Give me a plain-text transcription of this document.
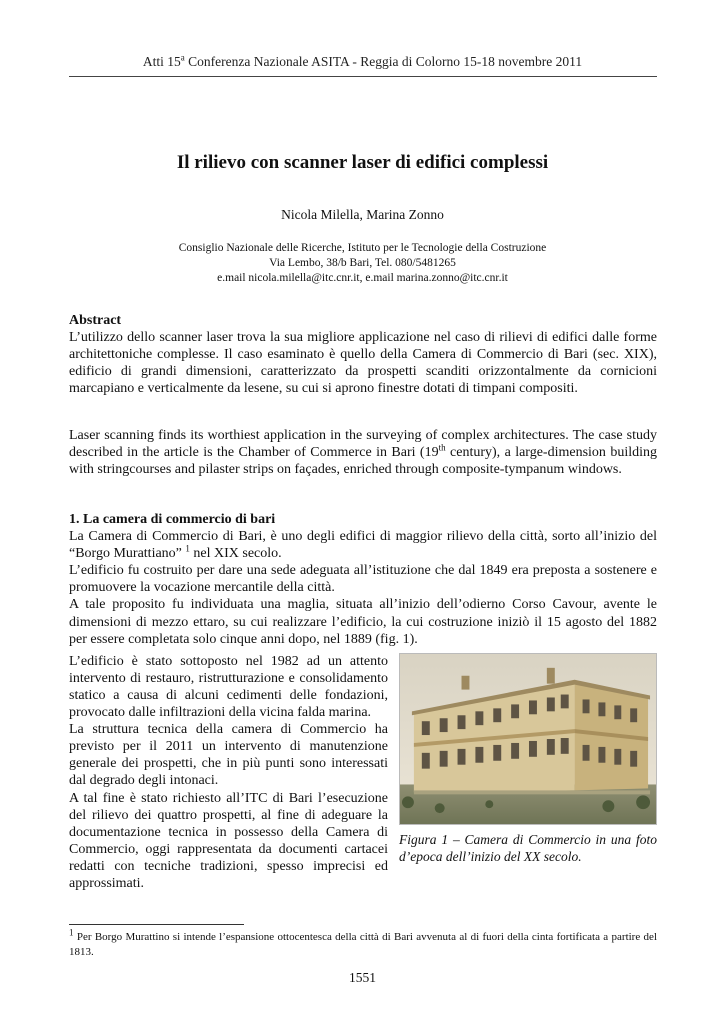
Atti 15$^a$ Conferenza Nazionale ASITA - Reggia di Colorno 15-18 novembre 2011
Il rilievo con scanner laser di edifici complessi
Nicola Milella, Marina Zonno
Consiglio Nazionale delle Ricerche, Istituto per le Tecnologie della Costruzione
Via Lembo, 38/b Bari, Tel. 080/5481265
e.mail nicola.milella@itc.cnr.it, e.mail marina.zonno@itc.cnr.it
Abstract

L’utilizzo dello scanner laser trova la sua migliore applicazione nel caso di rilievi di edifici dalle forme architettoniche complesse. Il caso esaminato è quello della Camera di Commercio di Bari (sec. XIX), edificio di grandi dimensioni, caratterizzato da prospetti scanditi orizzontalmente da cornicioni marcapiano e verticalmente da lesene, su cui si aprono finestre dotati di timpani compositi.

Laser scanning finds its worthiest application in the surveying of complex architectures. The case study described in the article is the Chamber of Commerce in Bari (19th century), a large-dimension building with stringcourses and pilaster strips on façades, enriched through composite-tympanum windows.

1. La camera di commercio di bari

La Camera di Commercio di Bari, è uno degli edifici di maggior rilievo della città, sorto all’inizio del “Borgo Murattiano” $^1$ nel XIX secolo.

L’edificio fu costruito per dare una sede adeguata all’istituzione che dal 1849 era preposta a sostenere e promuovere la vocazione mercantile della città.

A tale proposito fu individuata una maglia, situata all’inizio dell’odierno Corso Cavour, avente le dimensioni di mezzo ettaro, su cui realizzare l’edificio, la cui costruzione iniziò il 15 agosto del 1882 per essere completata solo cinque anni dopo, nel 1889 (fig. 1).

Figura 1 – Camera di Commercio in una foto d’epoca dell’inizio del XX secolo.

L’edificio è stato sottoposto nel 1982 ad un attento intervento di restauro, ristrutturazione e consolidamento statico a causa di alcuni cedimenti delle fondazioni, provocato dalle infiltrazioni della vicina falda marina.

La struttura tecnica della camera di Commercio ha previsto per il 2011 un intervento di manutenzione generale dei prospetti, che in più punti sono interessati dal degrado degli intonaci.

A tal fine è stato richiesto all’ITC di Bari l’esecuzione del rilievo dei quattro prospetti, al fine di adeguare la documentazione tecnica in possesso della Camera di Commercio, oggi rappresentata da documenti cartacei redatti con tecniche tradizioni, spesso imprecisi ed approssimati.

$^1$ Per Borgo Murattino si intende l’espansione ottocentesca della città di Bari avvenuta al di fuori della cinta fortificata a partire del 1813.
1551
